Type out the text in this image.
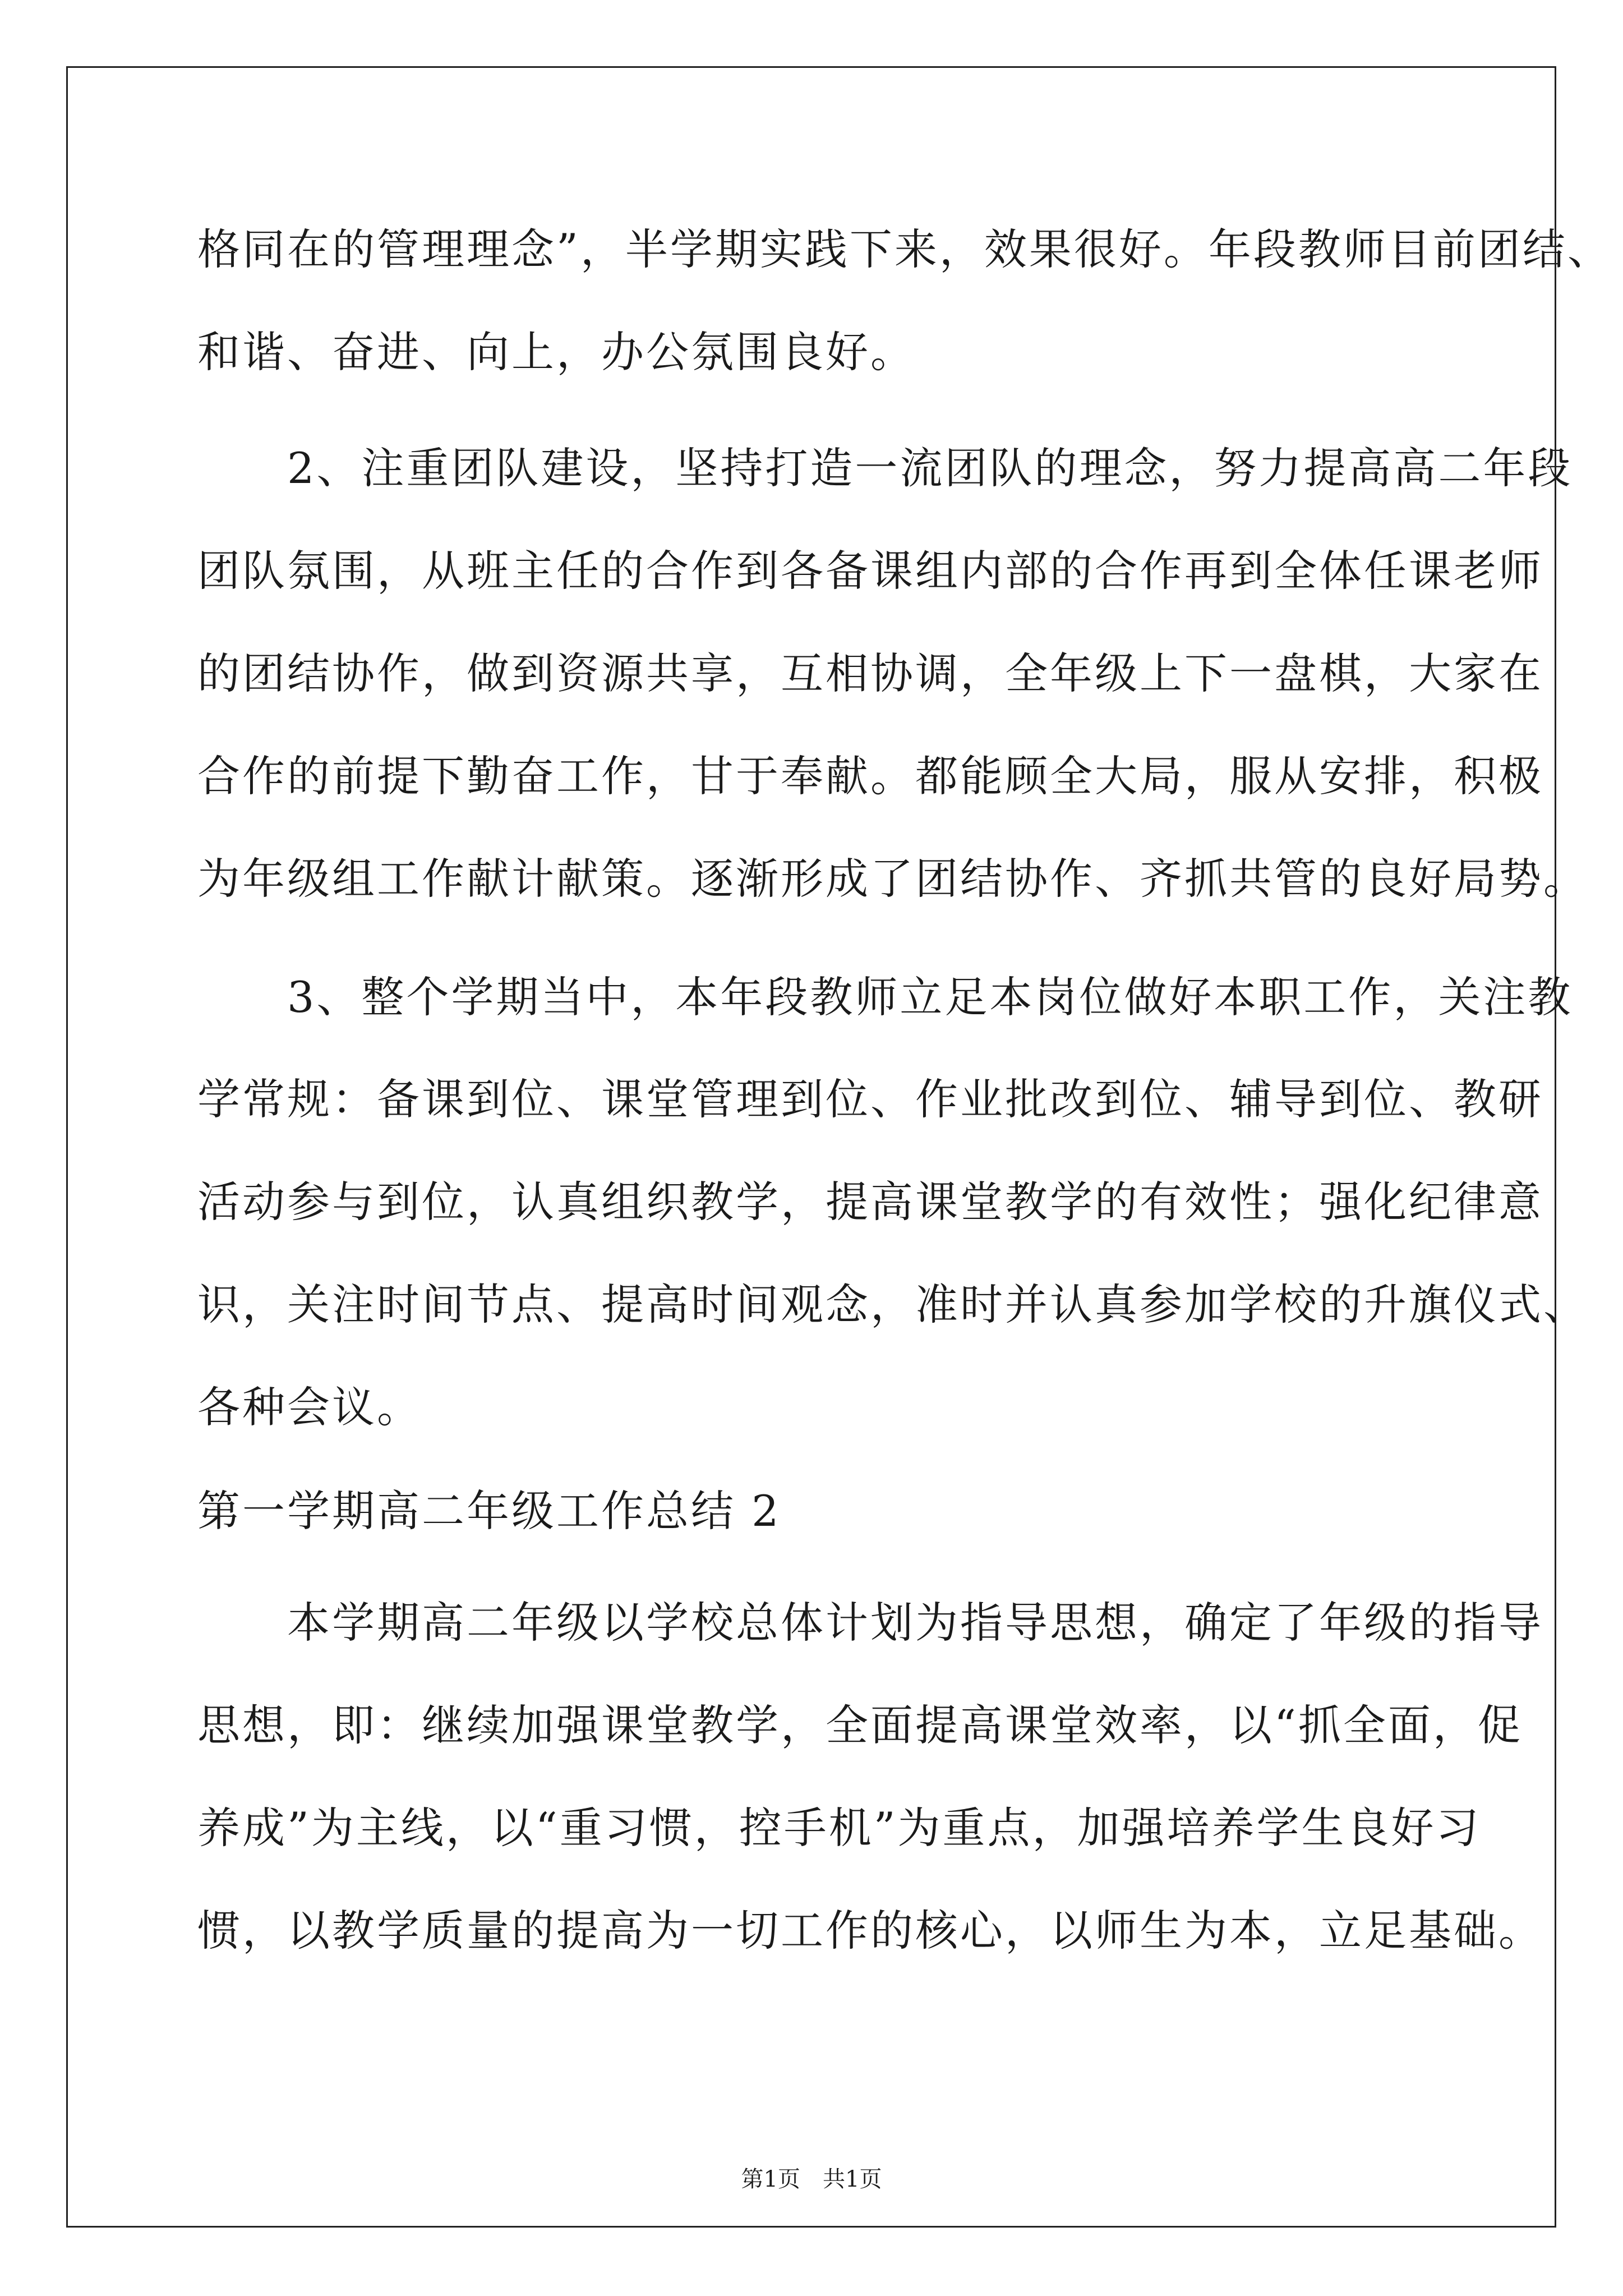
格同在的管理理念”，半学期实践下来，效果很好。年段教师目前团结、
和谐、奋进、向上，办公氛围良好。
　　2、注重团队建设，坚持打造一流团队的理念，努力提高高二年段
团队氛围，从班主任的合作到各备课组内部的合作再到全体任课老师
的团结协作，做到资源共享，互相协调，全年级上下一盘棋，大家在
合作的前提下勤奋工作，甘于奉献。都能顾全大局，服从安排，积极
为年级组工作献计献策。逐渐形成了团结协作、齐抓共管的良好局势。
　　3、整个学期当中，本年段教师立足本岗位做好本职工作，关注教
学常规：备课到位、课堂管理到位、作业批改到位、辅导到位、教研
活动参与到位，认真组织教学，提高课堂教学的有效性；强化纪律意
识，关注时间节点、提高时间观念，准时并认真参加学校的升旗仪式、
各种会议。
第一学期高二年级工作总结 2
　　本学期高二年级以学校总体计划为指导思想，确定了年级的指导
思想，即：继续加强课堂教学，全面提高课堂效率，以“抓全面，促
养成”为主线，以“重习惯，控手机”为重点，加强培养学生良好习
惯，以教学质量的提高为一切工作的核心，以师生为本，立足基础。
第1页　共1页
